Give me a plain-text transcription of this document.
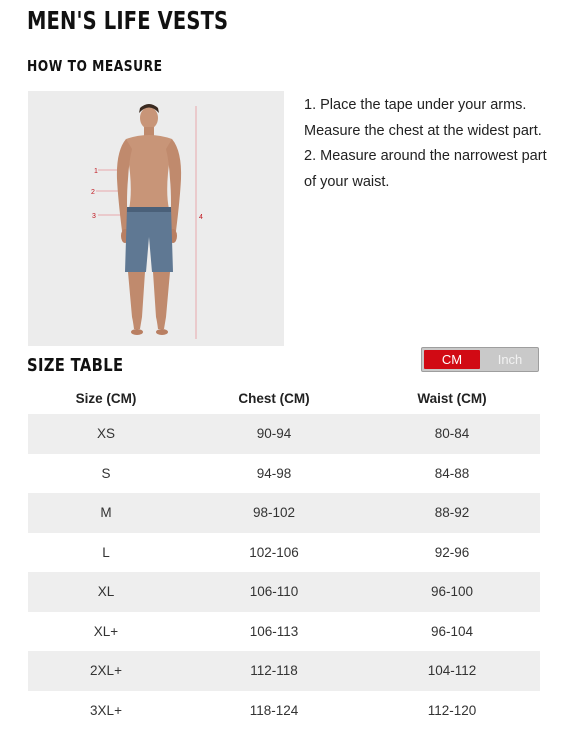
MEN'S LIFE VESTS
HOW TO MEASURE
1
2
3	4

1. Place the tape under your arms. Measure the chest at the widest part.

2. Measure around the narrowest part of your waist.

SIZE TABLE	CM	Inch
Size (CM)	Chest (CM)	Waist (CM)
XS	90-94	80-84
S	94-98	84-88
M	98-102	88-92
L	102-106	92-96
XL	106-110	96-100
XL+	106-113	96-104
2XL+	112-118	104-112
3XL+	118-124	112-120
